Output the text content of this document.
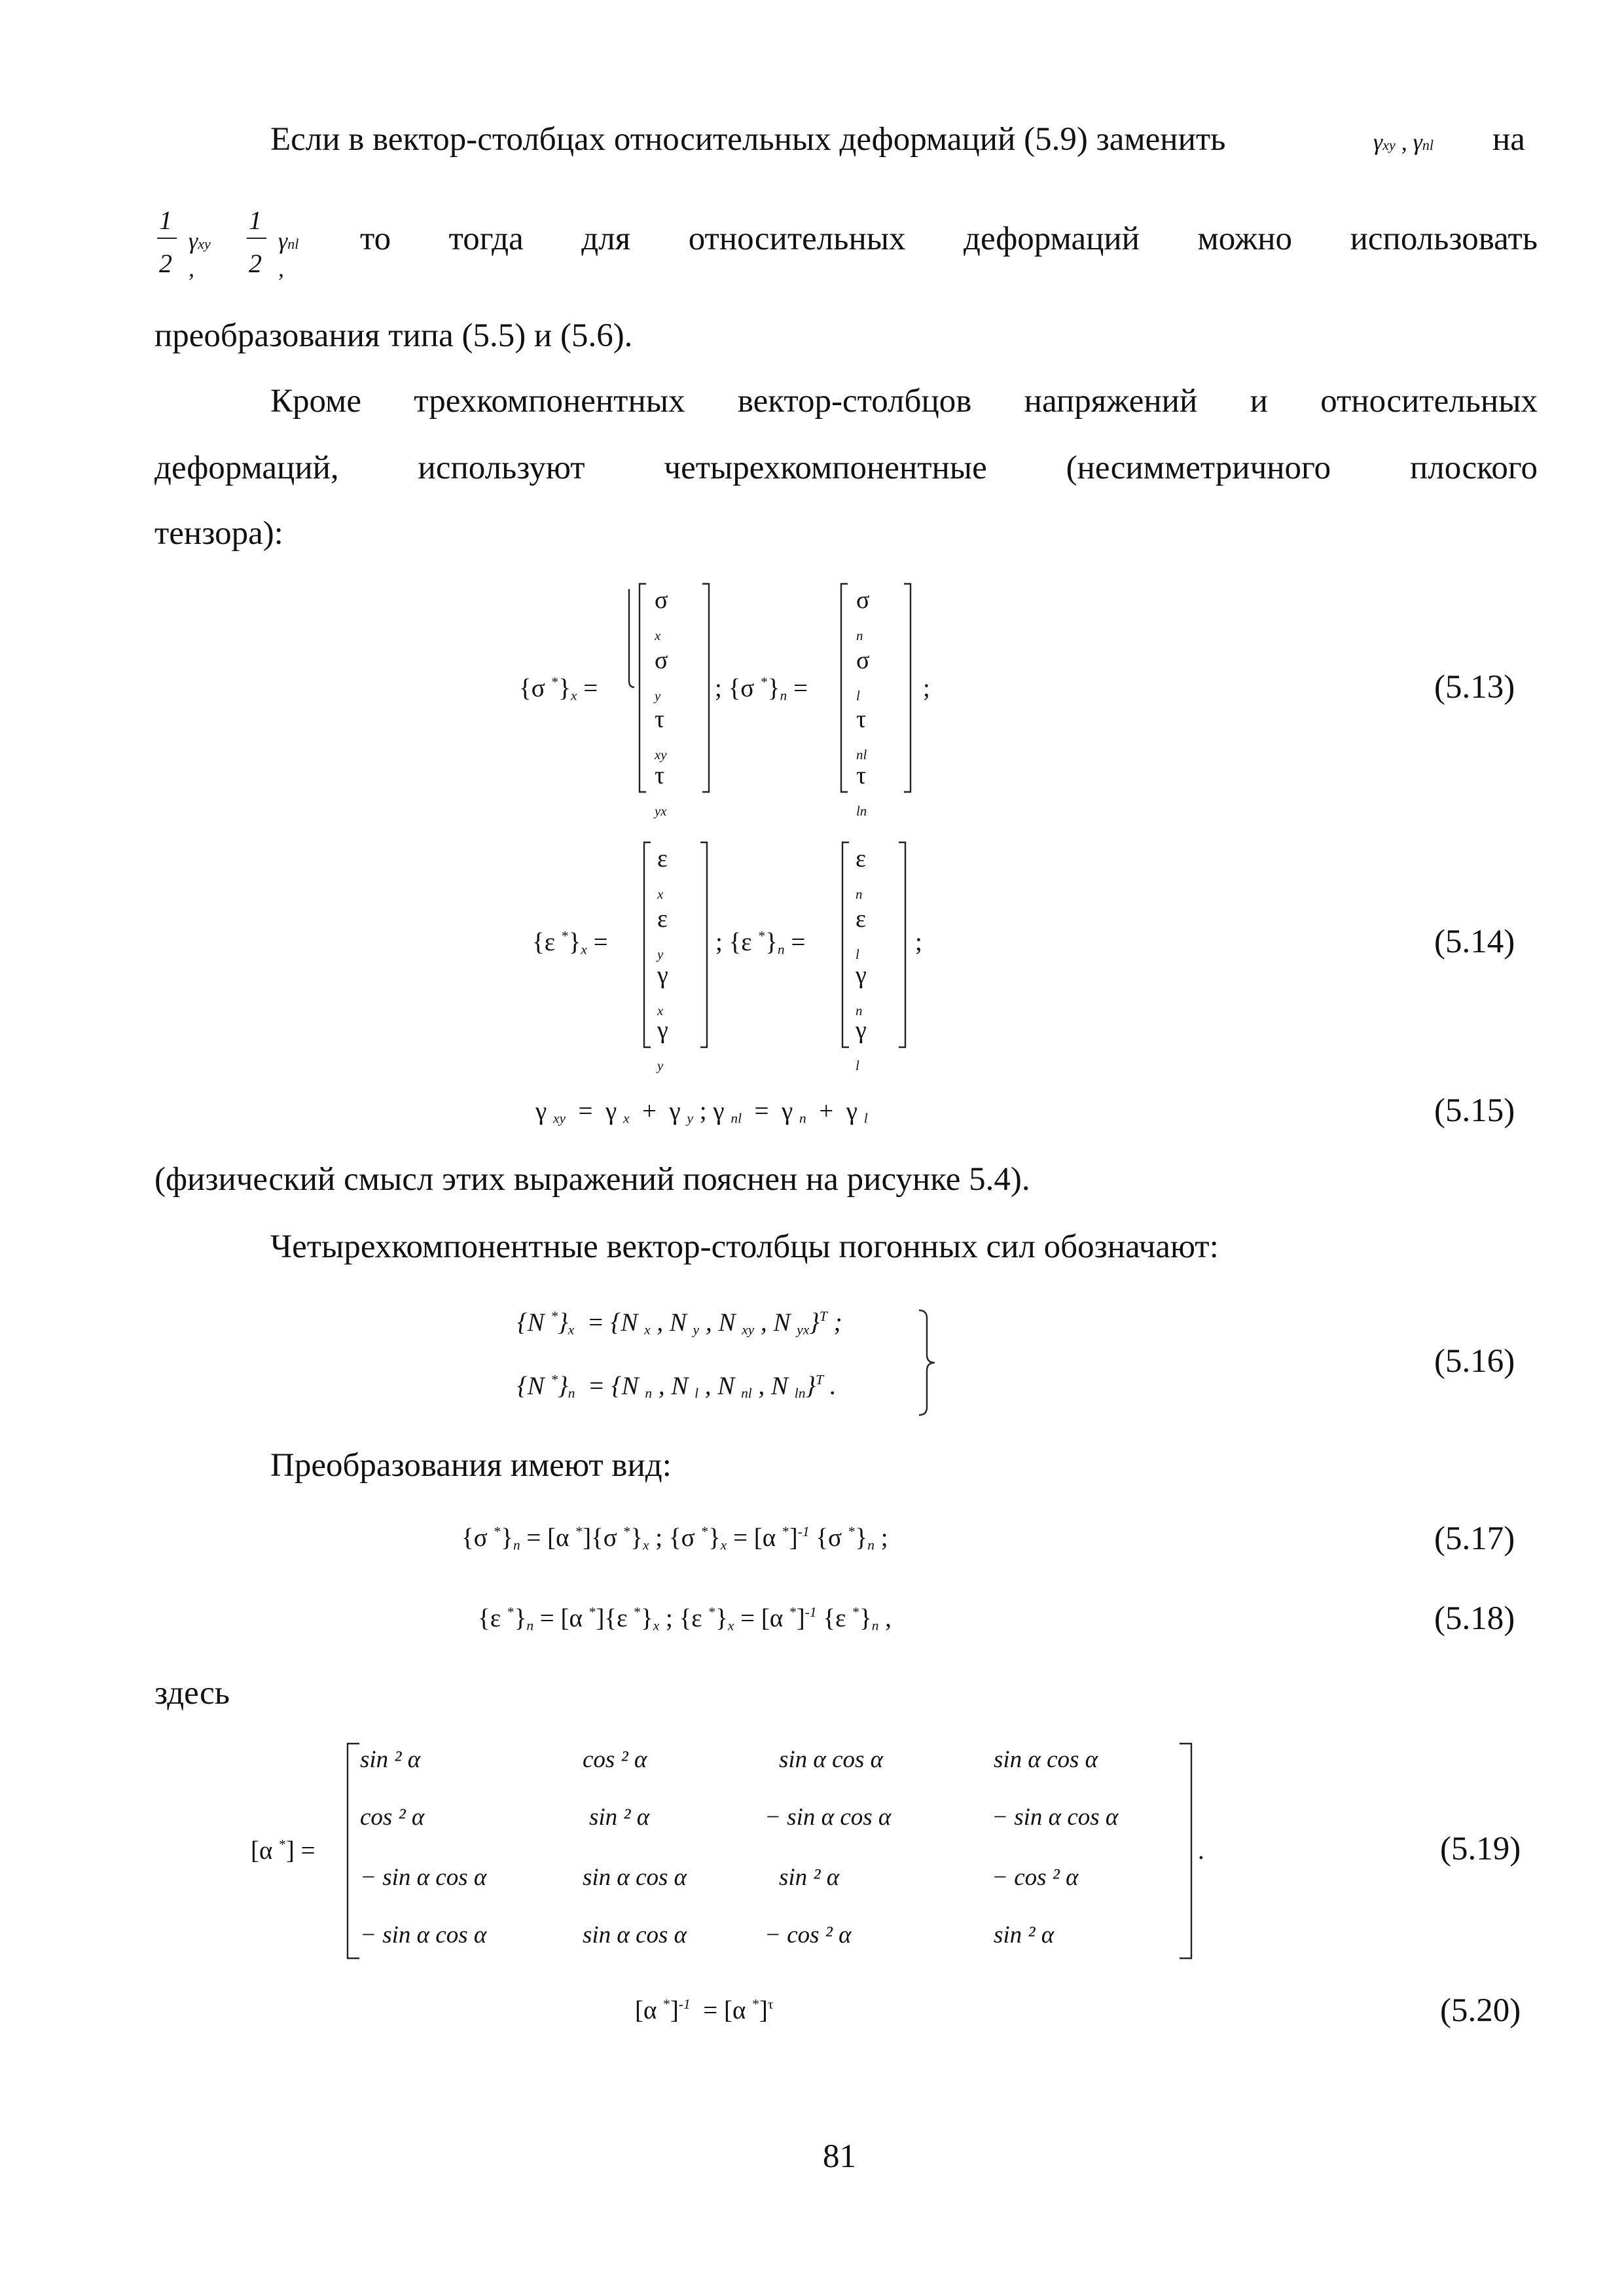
Если в вектор-столбцах относительных деформаций (5.9) заменить	γxy , γnl на
1
2
γxy ,
1
2
γnl ,
то тогда для относительных деформаций можно использовать
преобразования типа (5.5) и (5.6).
Кроме трехкомпонентных вектор-столбцов напряжений и относительных
деформаций, используют четырехкомпонентные (несимметричного плоского
тензора):
{σ $^*\}_x$ =
σ $_x$
σ $_y$
τ $_{xy}$
τ $_{yx}$
; {σ $^*\}_n$ =
σ $_n$
σ $_l$
τ $_{nl}$
τ $_{ln}$
;	(5.13)
{ε $^*\}_x$ =
ε $_x$
ε $_y$
γ $_x$
γ $_y$
; {ε $^*\}_n$ =
ε $_n$
ε $_l$
γ $_n$
γ $_l$
;	(5.14)
γ $_{xy}$  =  γ $_x$  +  γ $_y$ ; γ $_{nl}$  =  γ $_n$  +  γ $_l$	(5.15)
(физический смысл этих выражений пояснен на рисунке 5.4).
Четырехкомпонентные вектор-столбцы погонных сил обозначают:
{N $^*\}_x = \{N$ $_x$ , N $_y$ , N $_{xy}$ , N $_{yx}$}$^T$ ;
{N $^*\}_n = \{N$ $_n$ , N $_l$ , N $_{nl}$ , N $_{ln}$}$^T$ .
(5.16)
Преобразования имеют вид:
{σ $^*\}_n = [\alpha$ *]{σ $^*\}_x$ ; {σ $^*\}_x = [\alpha$ *]$^{-1}$ {σ $^*\}_n$ ;	(5.17)
{ε $^*\}_n = [\alpha$ *]{ε $^*\}_x$ ; {ε $^*\}_x = [\alpha$ *]$^{-1}$ {ε $^*\}_n$ ,	(5.18)
здесь
[α *] =
sin ² α	cos ² α	sin α cos α	sin α cos α
cos ² α	sin ² α	− sin α cos α	− sin α cos α
− sin α cos α	sin α cos α	sin ² α	− cos ² α
− sin α cos α	sin α cos α	− cos ² α	sin ² α
.	(5.19)
[α *]$^{-1}$  = [α *]$^\tau$	(5.20)
81
